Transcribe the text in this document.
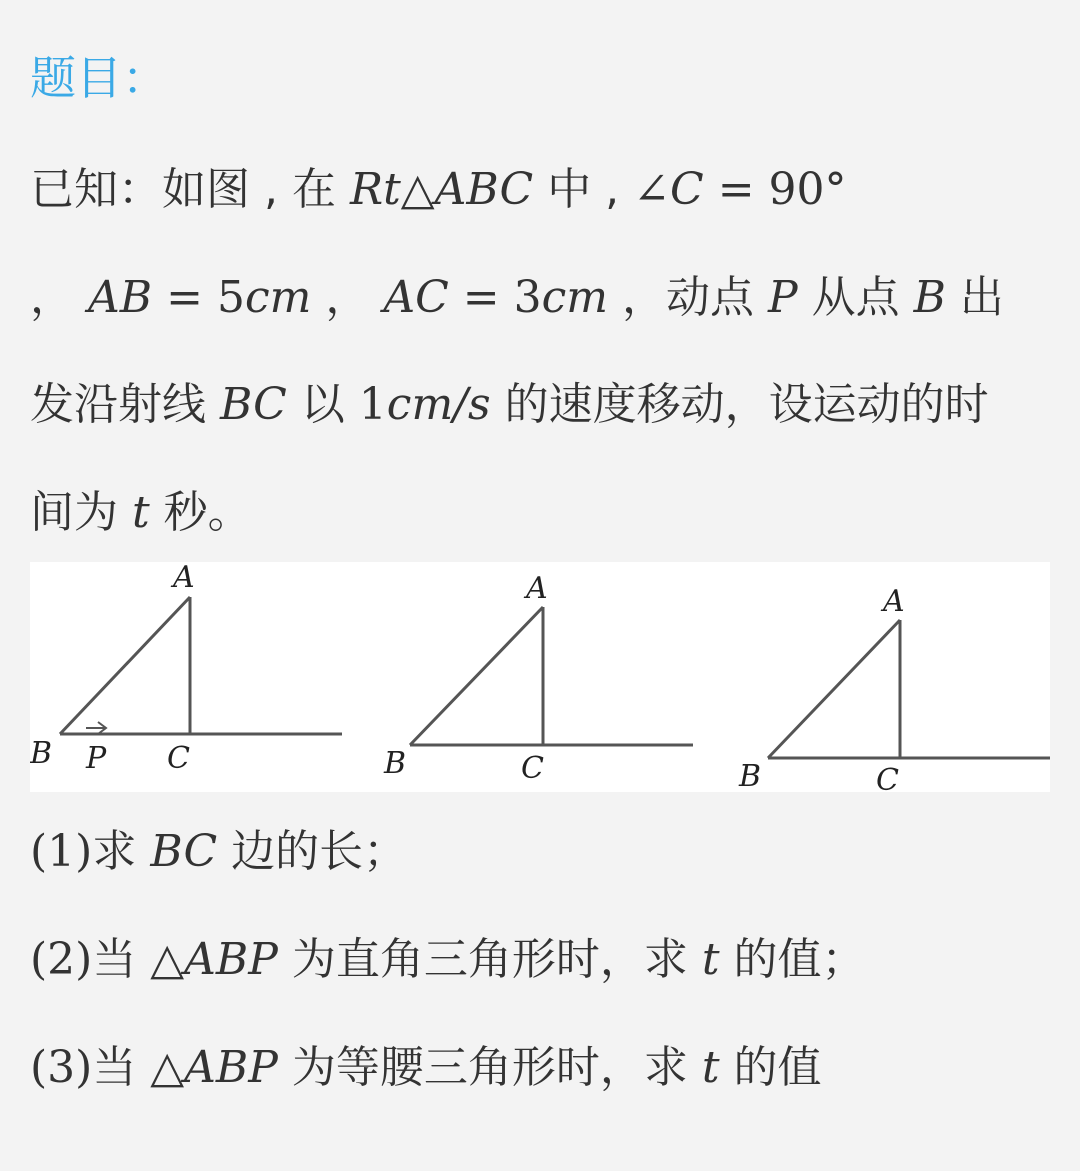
题目：
已知：如图 , 在 Rt△ABC 中 , ∠C = 90°
， AB = 5cm ， AC = 3cm ，动点 P 从点 B 出
发沿射线 BC 以 1cm/s 的速度移动，设运动的时
间为 t 秒。
A
B P C
A
B	C
A
B	C
(1)求 BC 边的长；
(2)当 △ABP 为直角三角形时，求 t 的值；
(3)当 △ABP 为等腰三角形时，求 t 的值
